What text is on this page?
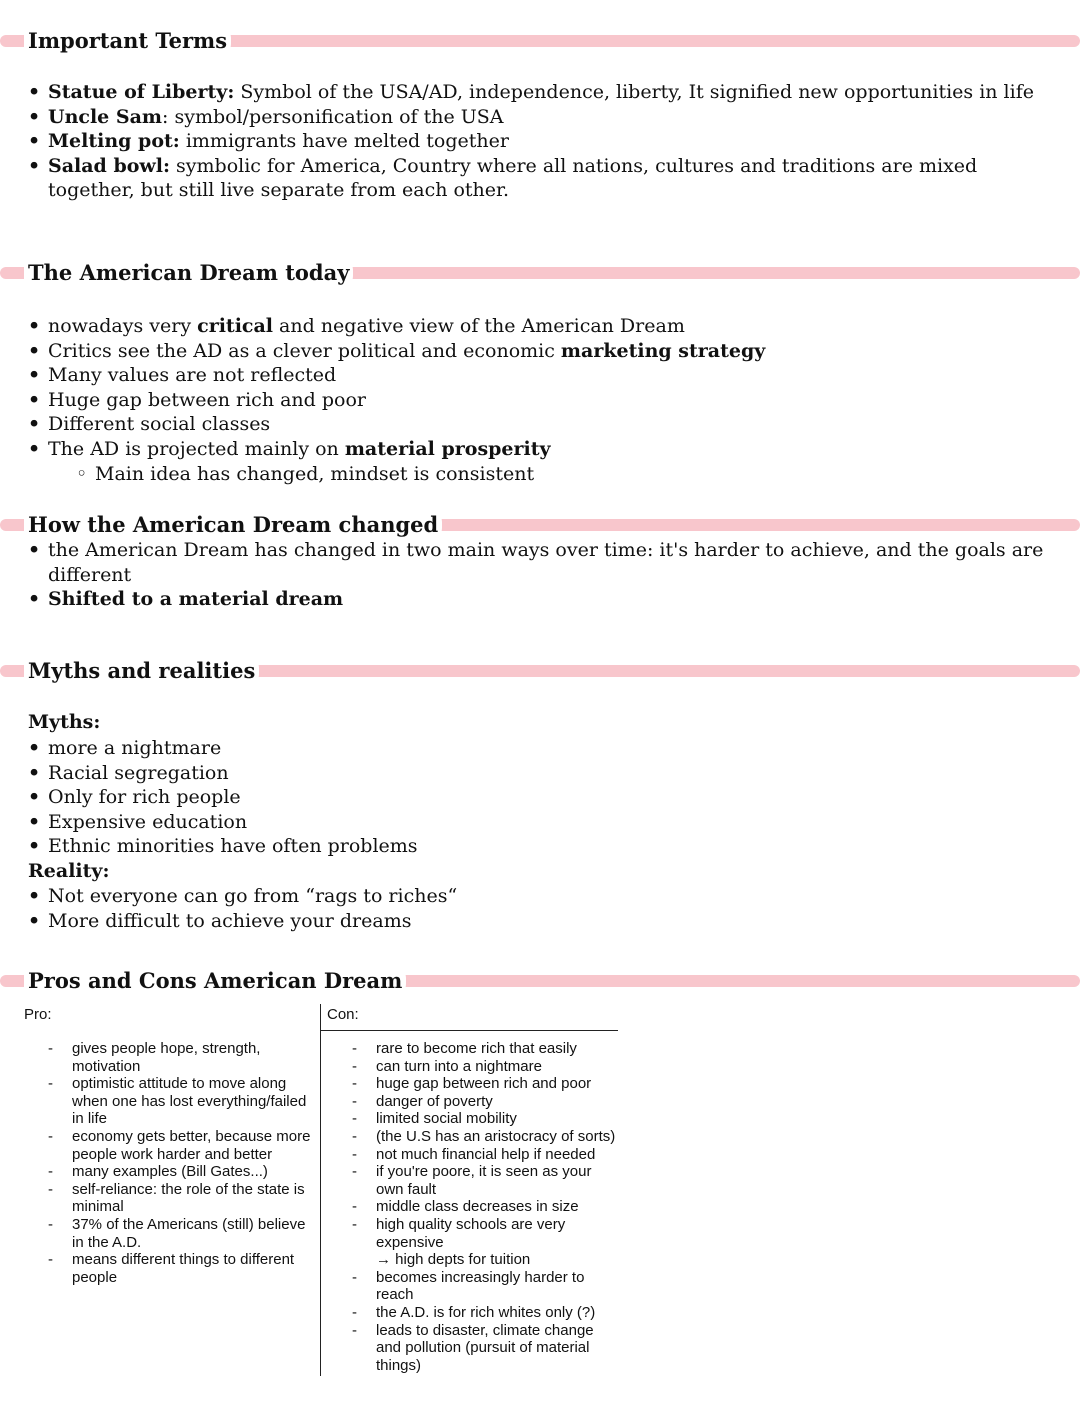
Important Terms
• Statue of Liberty: Symbol of the USA/AD, independence, liberty, It signified new opportunities in life
• Uncle Sam: symbol/personification of the USA
• Melting pot: immigrants have melted together
• Salad bowl: symbolic for America, Country where all nations, cultures and traditions are mixed together, but still live separate from each other.
The American Dream today
• nowadays very critical and negative view of the American Dream
• Critics see the AD as a clever political and economic marketing strategy
• Many values are not reflected
• Huge gap between rich and poor
• Different social classes
• The AD is projected mainly on material prosperity
◦ Main idea has changed, mindset is consistent
How the American Dream changed
• the American Dream has changed in two main ways over time: it's harder to achieve, and the goals are different
• Shifted to a material dream
Myths and realities
Myths:
• more a nightmare
• Racial segregation
• Only for rich people
• Expensive education
• Ethnic minorities have often problems
Reality:
• Not everyone can go from “rags to riches“
• More difficult to achieve your dreams
Pros and Cons American Dream
Pro:	Con:
- gives people hope, strength, motivation
- optimistic attitude to move along when one has lost everything/failed in life
- economy gets better, because more people work harder and better
- many examples (Bill Gates...)
- self-reliance: the role of the state is minimal
- 37% of the Americans (still) believe in the A.D.
- means different things to different people
- rare to become rich that easily
- can turn into a nightmare
- huge gap between rich and poor
- danger of poverty
- limited social mobility
- (the U.S has an aristocracy of sorts)
- not much financial help if needed
- if you're poore, it is seen as your own fault
- middle class decreases in size
- high quality schools are very expensive
→ high depts for tuition
- becomes increasingly harder to reach
- the A.D. is for rich whites only (?)
- leads to disaster, climate change and pollution (pursuit of material things)
